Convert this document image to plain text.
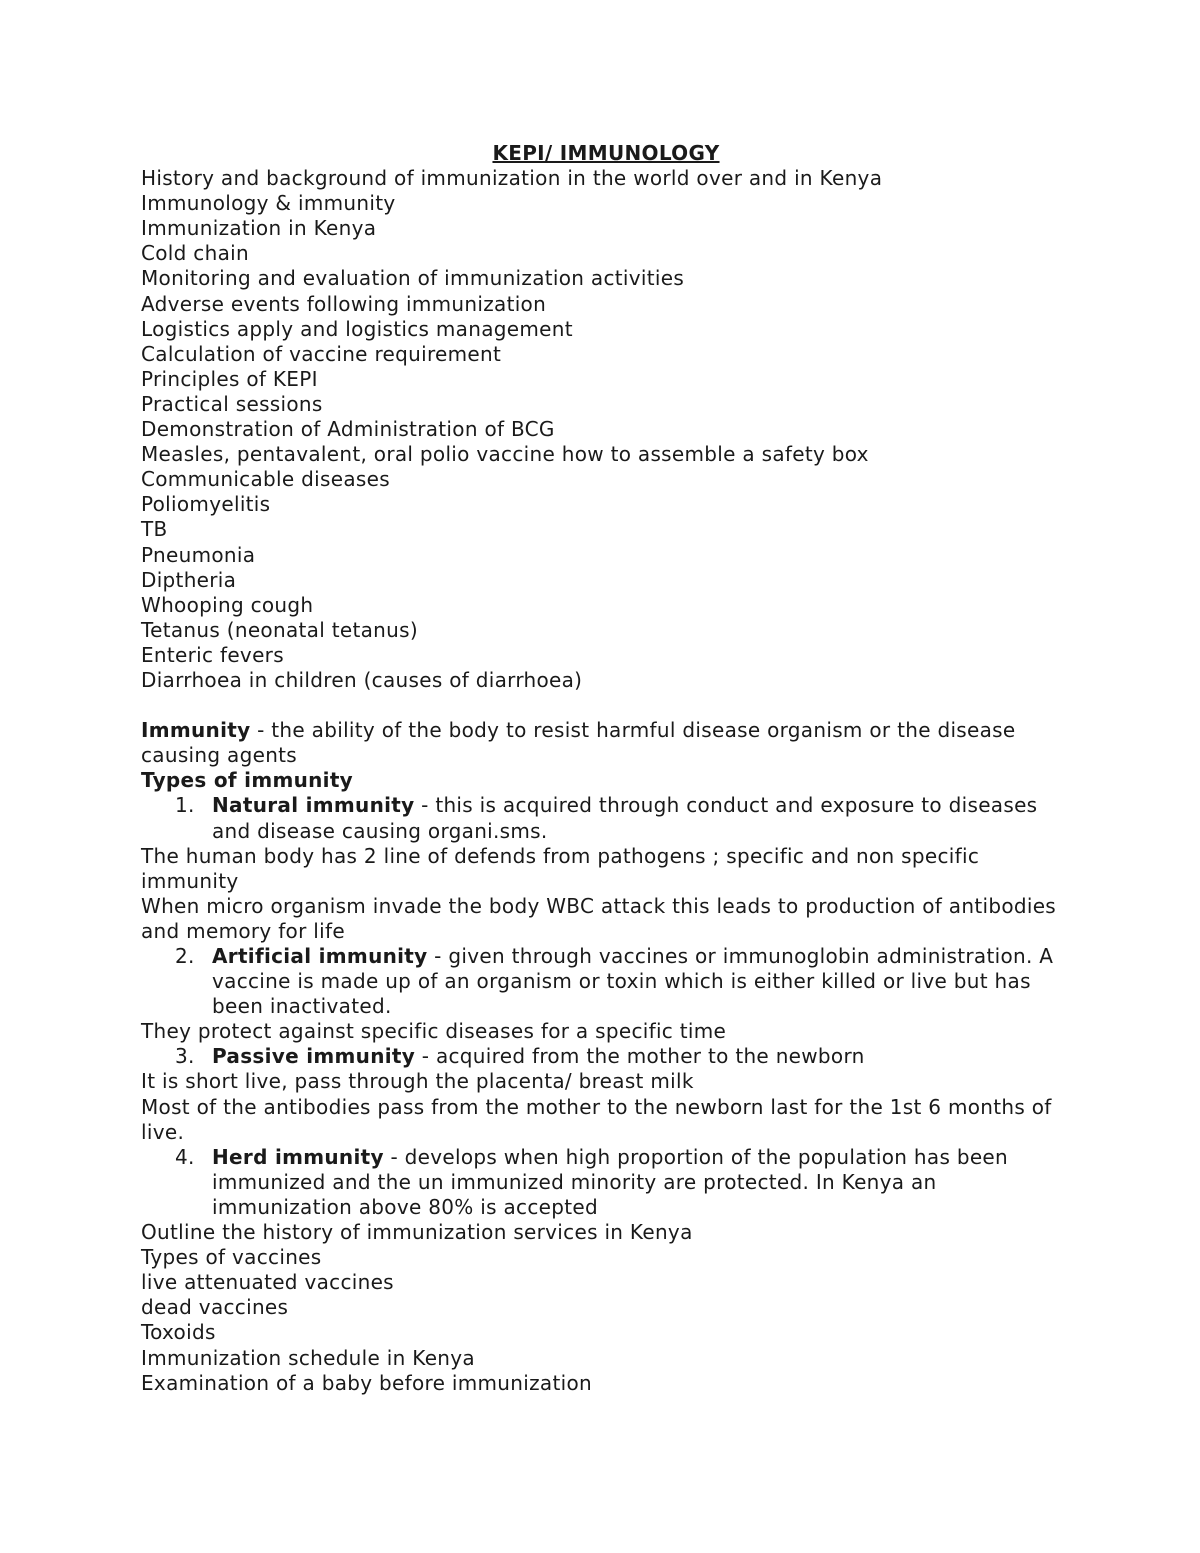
KEPI/ IMMUNOLOGY

History and background of immunization in the world over and in Kenya

Immunology & immunity

Immunization in Kenya

Cold chain

Monitoring and evaluation of immunization activities

Adverse events following immunization

Logistics apply and logistics management

Calculation of vaccine requirement

Principles of KEPI

Practical sessions

Demonstration of Administration of BCG

Measles, pentavalent, oral polio vaccine how to assemble a safety box

Communicable diseases

Poliomyelitis

TB

Pneumonia

Diptheria

Whooping cough

Tetanus (neonatal tetanus)

Enteric fevers

Diarrhoea in children (causes of diarrhoea)

Immunity - the ability of the body to resist harmful disease organism or the disease causing agents

Types of immunity

1. Natural immunity - this is acquired through conduct and exposure to diseases and disease causing organi.sms.

The human body has 2 line of defends from pathogens ; specific and non specific immunity

When micro organism invade the body WBC attack this leads to production of antibodies and memory for life

2. Artificial immunity - given through vaccines or immunoglobin administration. A vaccine is made up of an organism or toxin which is either killed or live but has been inactivated.

They protect against specific diseases for a specific time

3. Passive immunity - acquired from the mother to the newborn

It is short live, pass through the placenta/ breast milk

Most of the antibodies pass from the mother to the newborn last for the 1st 6 months of live.

4. Herd immunity - develops when high proportion of the population has been immunized and the un immunized minority are protected. In Kenya an immunization above 80% is accepted

Outline the history of immunization services in Kenya

Types of vaccines

live attenuated vaccines

dead vaccines

Toxoids

Immunization schedule in Kenya

Examination of a baby before immunization
